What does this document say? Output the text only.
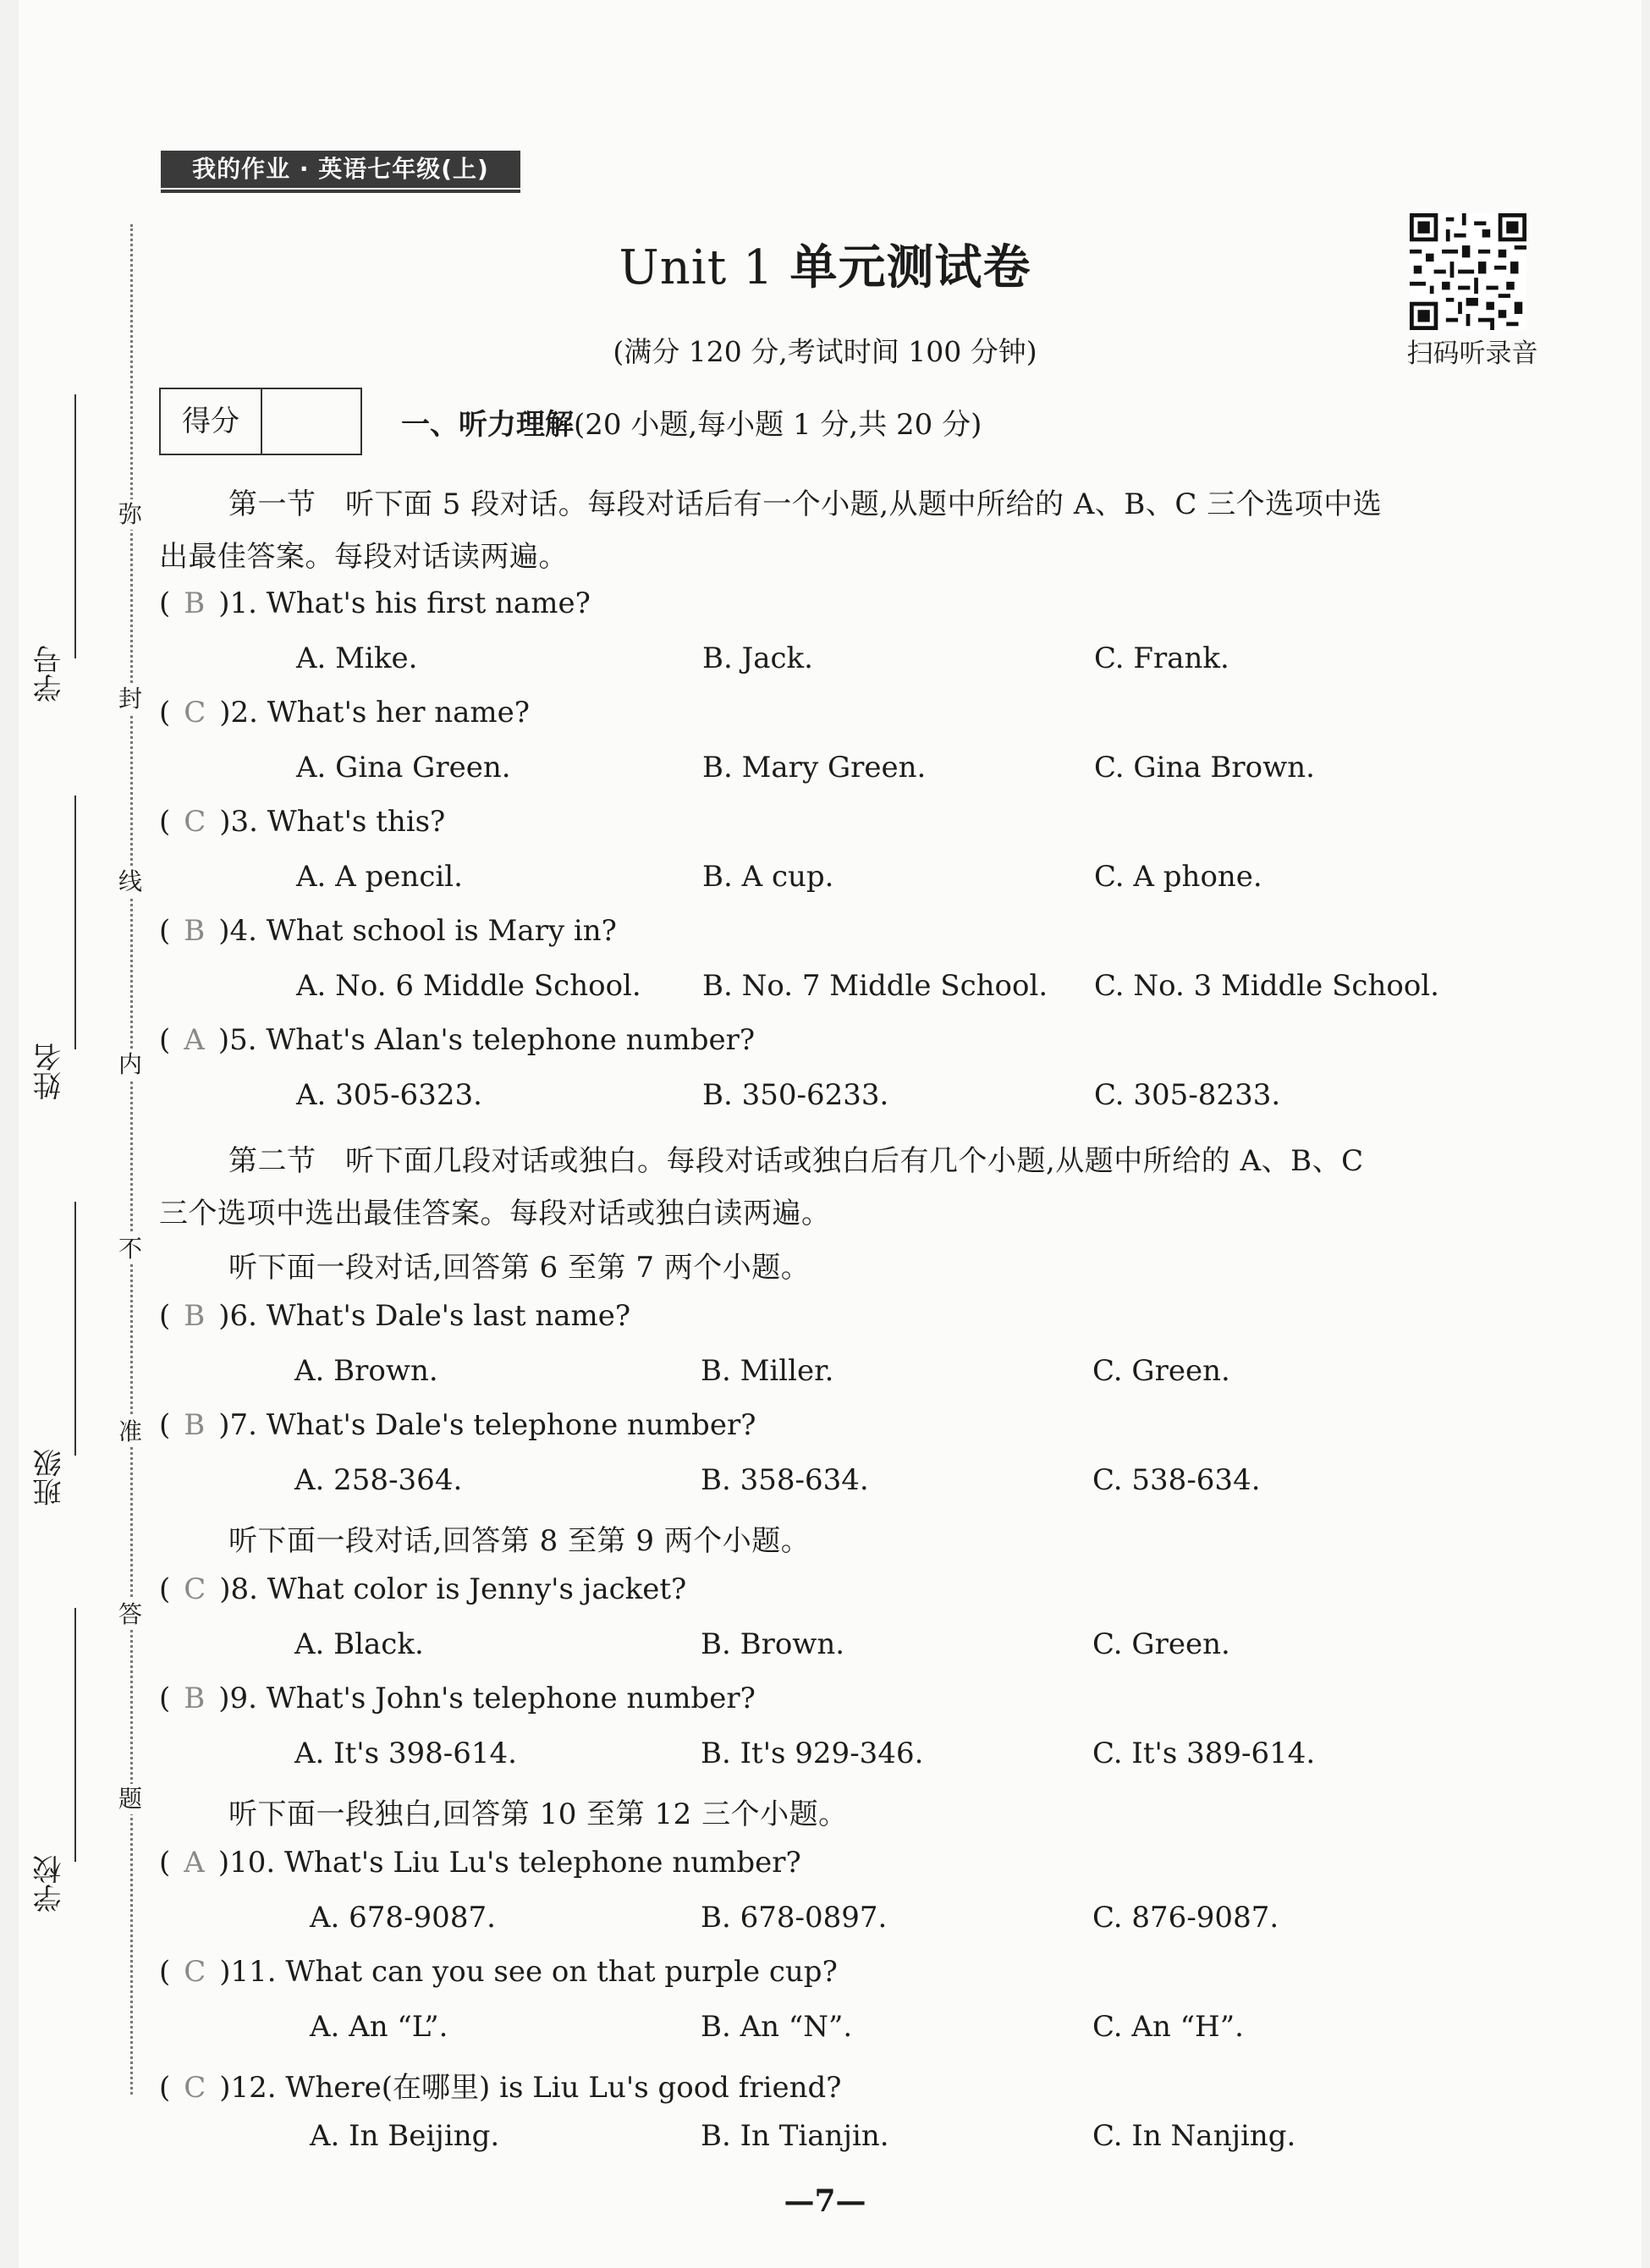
我的作业 · 英语七年级(上)
Unit 1 单元测试卷
(满分 120 分,考试时间 100 分钟)	扫码听录音
得分	一、听力理解(20 小题,每小题 1 分,共 20 分)
第一节　听下面 5 段对话。每段对话后有一个小题,从题中所给的 A、B、C 三个选项中选
出最佳答案。每段对话读两遍。
( B )1. What's his first name?
A. Mike.	B. Jack.	C. Frank.
( C )2. What's her name?
A. Gina Green.	B. Mary Green.	C. Gina Brown.
( C )3. What's this?
A. A pencil.	B. A cup.	C. A phone.
( B )4. What school is Mary in?
A. No. 6 Middle School. B. No. 7 Middle School. C. No. 3 Middle School.
( A )5. What's Alan's telephone number?
A. 305-6323.	B. 350-6233.	C. 305-8233.
第二节　听下面几段对话或独白。每段对话或独白后有几个小题,从题中所给的 A、B、C
三个选项中选出最佳答案。每段对话或独白读两遍。
听下面一段对话,回答第 6 至第 7 两个小题。
( B )6. What's Dale's last name?
A. Brown.	B. Miller.	C. Green.
( B )7. What's Dale's telephone number?
A. 258-364.	B. 358-634.	C. 538-634.
听下面一段对话,回答第 8 至第 9 两个小题。
( C )8. What color is Jenny's jacket?
A. Black.	B. Brown.	C. Green.
( B )9. What's John's telephone number?
A. It's 398-614.	B. It's 929-346.	C. It's 389-614.
听下面一段独白,回答第 10 至第 12 三个小题。
( A )10. What's Liu Lu's telephone number?
A. 678-9087.	B. 678-0897.	C. 876-9087.
( C )11. What can you see on that purple cup?
A. An “L”.	B. An “N”.	C. An “H”.
( C )12. Where(在哪里) is Liu Lu's good friend?
A. In Beijing.	B. In Tianjin.	C. In Nanjing.
弥
封
线
内
不
准
答
题
学号
姓名
班级
学校
—7—
